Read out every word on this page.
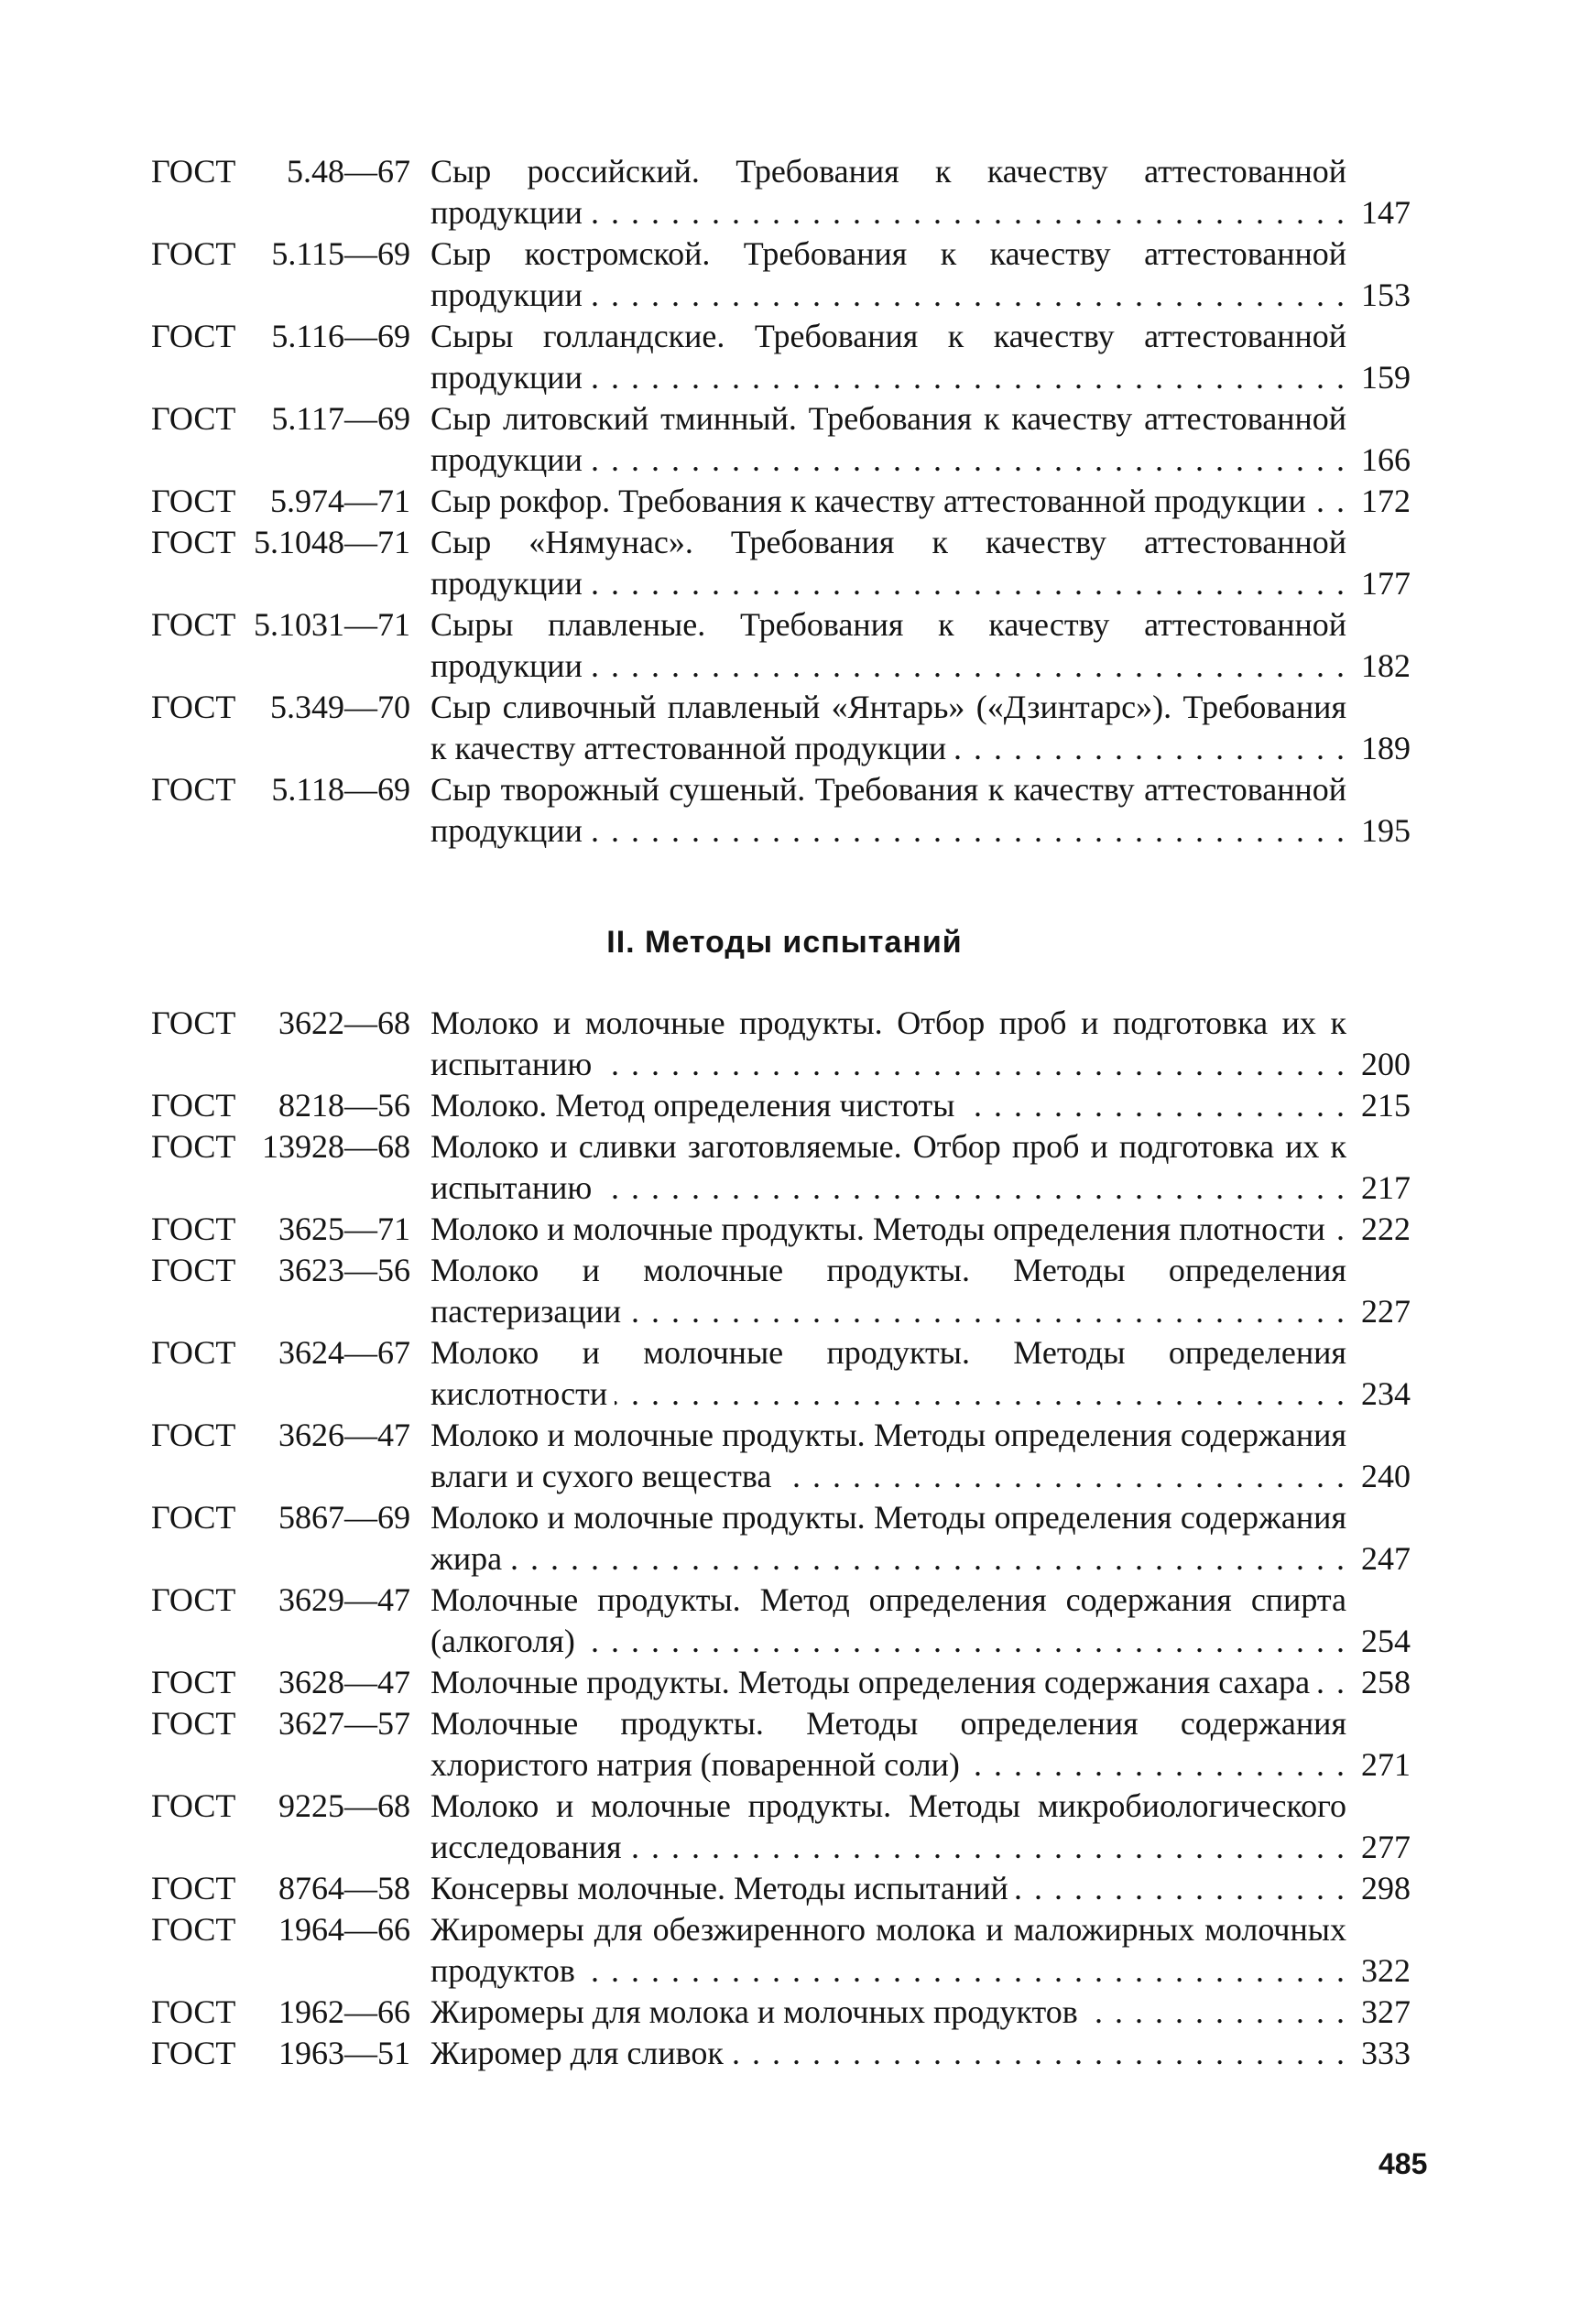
ГОСТ 5.48—67 Сыр российский. Требования к качеству аттестованной продукции . .	147
ГОСТ 5.115—69 Сыр костромской. Требования к качеству аттестованной продукции . .	153
ГОСТ 5.116—69 Сыры голландские. Требования к качеству аттестованной продукции . .	159
ГОСТ 5.117—69 Сыр литовский тминный. Требования к качеству аттестованной продукции . .	166
ГОСТ 5.974—71 Сыр рокфор. Требования к качеству аттестованной продукции . .	172
ГОСТ 5.1048—71 Сыр «Нямунас». Требования к качеству аттестованной продукции . .	177
ГОСТ 5.1031—71 Сыры плавленые. Требования к качеству аттестованной продукции . .	182
ГОСТ 5.349—70 Сыр сливочный плавленый «Янтарь» («Дзинтарс»). Требования к качеству аттестованной продукции . .	189
ГОСТ 5.118—69 Сыр творожный сушеный. Требования к качеству аттестованной продукции . .	195
II. Методы испытаний
ГОСТ 3622—68 Молоко и молочные продукты. Отбор проб и подготовка их к испытанию . .	200
ГОСТ 8218—56 Молоко. Метод определения чистоты . .	215
ГОСТ 13928—68 Молоко и сливки заготовляемые. Отбор проб и подготовка их к испытанию . .	217
ГОСТ 3625—71 Молоко и молочные продукты. Методы определения плотности . .	222
ГОСТ 3623—56 Молоко и молочные продукты. Методы определения пастеризации . .	227
ГОСТ 3624—67 Молоко и молочные продукты. Методы определения кислотности . .	234
ГОСТ 3626—47 Молоко и молочные продукты. Методы определения содержания влаги и сухого вещества . .	240
ГОСТ 5867—69 Молоко и молочные продукты. Методы определения содержания жира . .	247
ГОСТ 3629—47 Молочные продукты. Метод определения содержания спирта (алкоголя) . .	254
ГОСТ 3628—47 Молочные продукты. Методы определения содержания сахара . .	258
ГОСТ 3627—57 Молочные продукты. Методы определения содержания хлористого натрия (поваренной соли) . .	271
ГОСТ 9225—68 Молоко и молочные продукты. Методы микробиологического исследования . .	277
ГОСТ 8764—58 Консервы молочные. Методы испытаний . .	298
ГОСТ 1964—66 Жиромеры для обезжиренного молока и маложирных молочных продуктов . .	322
ГОСТ 1962—66 Жиромеры для молока и молочных продуктов . .	327
ГОСТ 1963—51 Жиромер для сливок . .	333
485
